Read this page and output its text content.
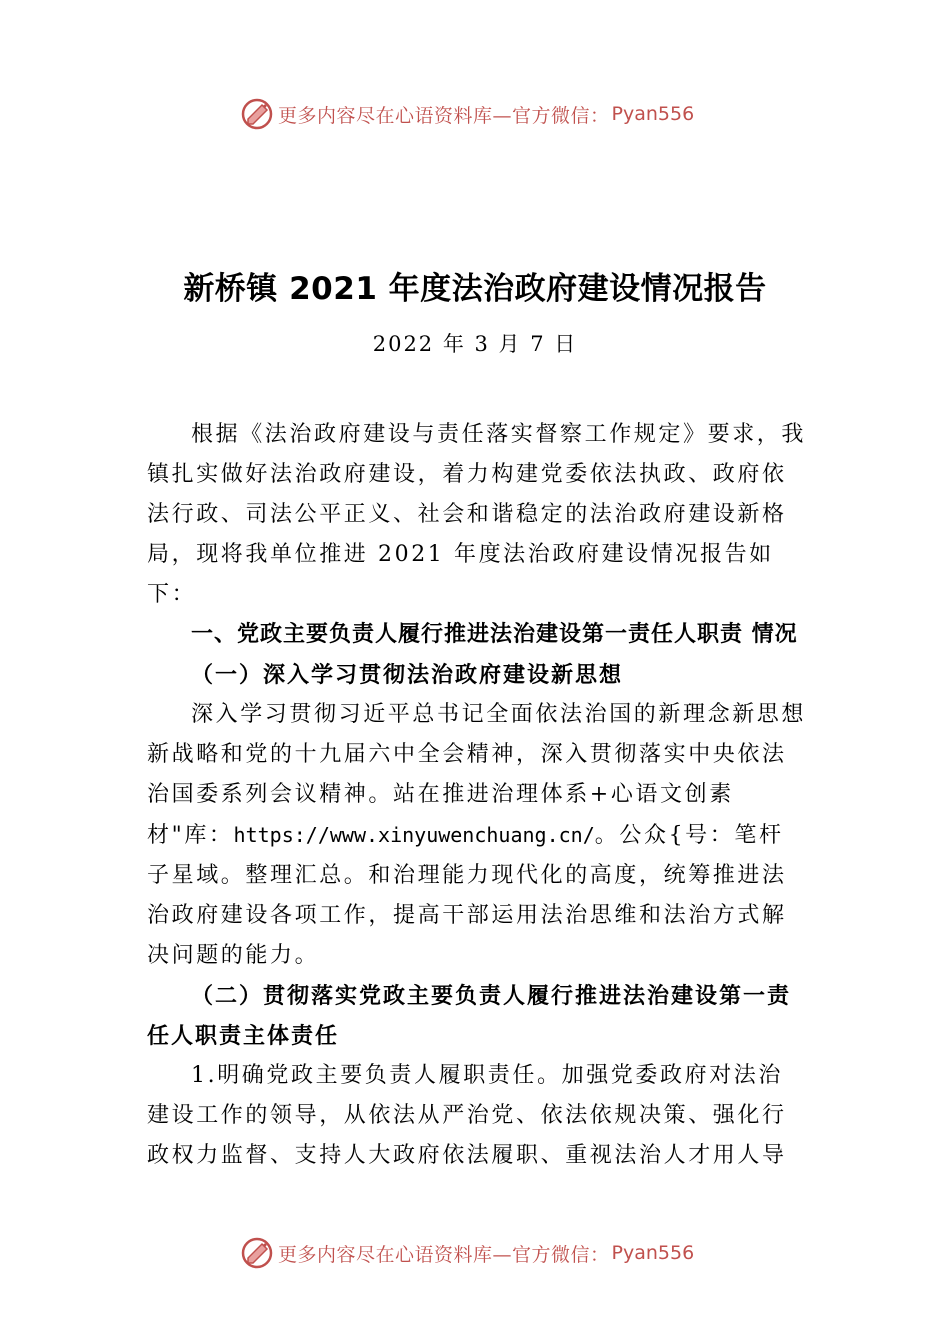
更多内容尽在心语资料库—官方微信： Pyan556
新桥镇 2021 年度法治政府建设情况报告
2022 年 3 月 7 日

根据《法治政府建设与责任落实督察工作规定》要求，我镇扎实做好法治政府建设，着力构建党委依法执政、政府依法行政、司法公平正义、社会和谐稳定的法治政府建设新格局，现将我单位推进 2021 年度法治政府建设情况报告如下：

一、党政主要负责人履行推进法治建设第一责任人职责 情况

（一）深入学习贯彻法治政府建设新思想

深入学习贯彻习近平总书记全面依法治国的新理念新思想新战略和党的十九届六中全会精神，深入贯彻落实中央依法治国委系列会议精神。站在推进治理体系+心语文创素材"库：https://www.xinyuwenchuang.cn/。公众{号：笔杆子星域。整理汇总。和治理能力现代化的高度，统筹推进法治政府建设各项工作，提高干部运用法治思维和法治方式解决问题的能力。

（二）贯彻落实党政主要负责人履行推进法治建设第一责任人职责主体责任

1.明确党政主要负责人履职责任。加强党委政府对法治建设工作的领导，从依法从严治党、依法依规决策、强化行政权力监督、支持人大政府依法履职、重视法治人才用人导

更多内容尽在心语资料库—官方微信： Pyan556
